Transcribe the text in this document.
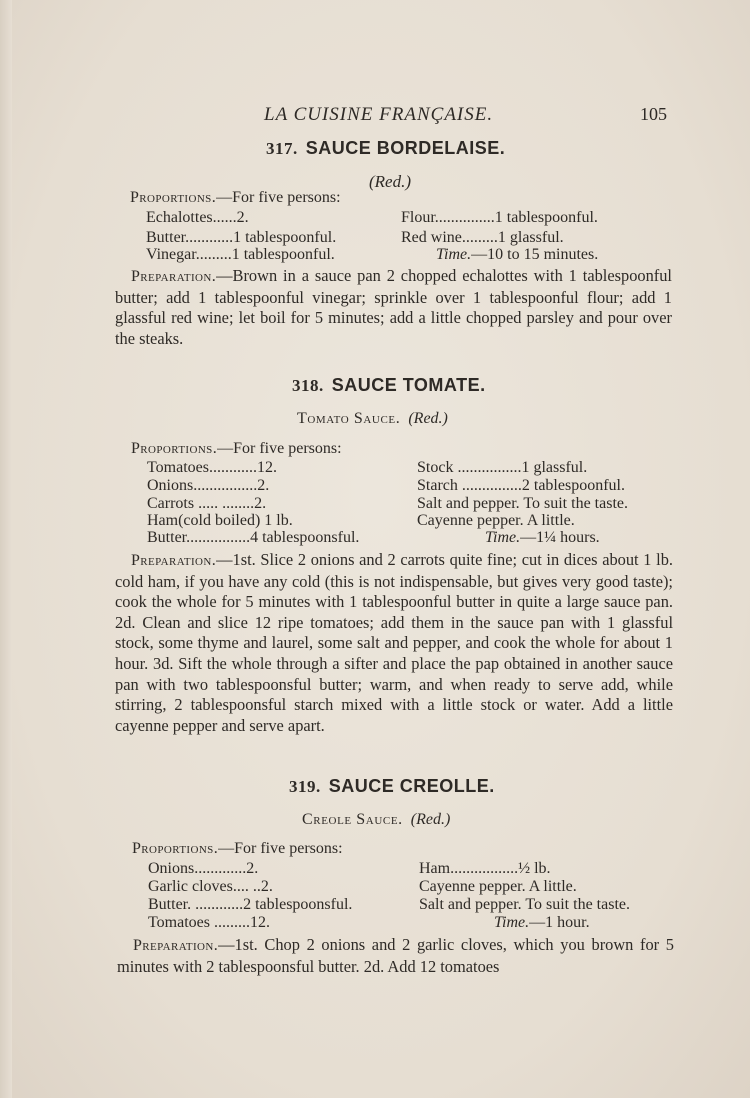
LA CUISINE FRANÇAISE.	105
317. SAUCE BORDELAISE.
(Red.)
Proportions.—For five persons:
Echalottes......2.
Butter............1 tablespoonful.
Vinegar.........1 tablespoonful.
Flour...............1 tablespoonful.
Red wine.........1 glassful.
Time.—10 to 15 minutes.
Preparation.—Brown in a sauce pan 2 chopped echalottes with 1 tablespoonful butter; add 1 tablespoonful vinegar; sprinkle over 1 tablespoonful flour; add 1 glassful red wine; let boil for 5 minutes; add a little chopped parsley and pour over the steaks.
318. SAUCE TOMATE.
Tomato Sauce. (Red.)
Proportions.—For five persons:
Tomatoes............12.
Onions................2.
Carrots ..... ........2.
Ham(cold boiled) 1 lb.
Butter................4 tablespoonsful.
Stock ................1 glassful.
Starch ...............2 tablespoonful.
Salt and pepper. To suit the taste.
Cayenne pepper. A little.
Time.—1¼ hours.
Preparation.—1st. Slice 2 onions and 2 carrots quite fine; cut in dices about 1 lb. cold ham, if you have any cold (this is not indispensable, but gives very good taste); cook the whole for 5 minutes with 1 tablespoonful butter in quite a large sauce pan. 2d. Clean and slice 12 ripe tomatoes; add them in the sauce pan with 1 glassful stock, some thyme and laurel, some salt and pepper, and cook the whole for about 1 hour. 3d. Sift the whole through a sifter and place the pap obtained in another sauce pan with two tablespoonsful butter; warm, and when ready to serve add, while stirring, 2 tablespoonsful starch mixed with a little stock or water. Add a little cayenne pepper and serve apart.
319. SAUCE CREOLLE.
Creole Sauce. (Red.)
Proportions.—For five persons:
Onions.............2.
Garlic cloves.... ..2.
Butter. ............2 tablespoonsful.
Tomatoes .........12.
Ham.................½ lb.
Cayenne pepper. A little.
Salt and pepper. To suit the taste.
Time.—1 hour.
Preparation.—1st. Chop 2 onions and 2 garlic cloves, which you brown for 5 minutes with 2 tablespoonsful butter. 2d. Add 12 tomatoes
